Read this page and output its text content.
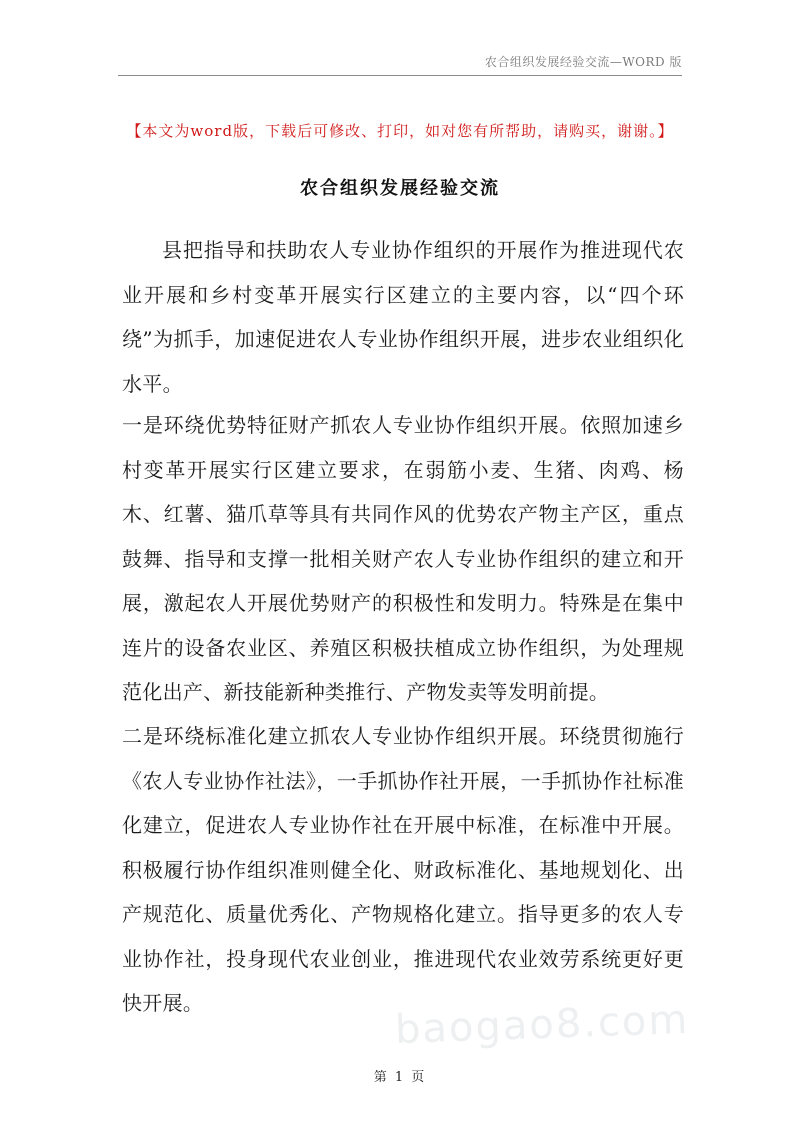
农合组织发展经验交流—WORD 版
【本文为word版，下载后可修改、打印，如对您有所帮助，请购买，谢谢。】
农合组织发展经验交流
县把指导和扶助农人专业协作组织的开展作为推进现代农业开展和乡村变革开展实行区建立的主要内容，以“四个环绕”为抓手，加速促进农人专业协作组织开展，进步农业组织化水平。
一是环绕优势特征财产抓农人专业协作组织开展。依照加速乡村变革开展实行区建立要求，在弱筋小麦、生猪、肉鸡、杨木、红薯、猫爪草等具有共同作风的优势农产物主产区，重点鼓舞、指导和支撑一批相关财产农人专业协作组织的建立和开展，激起农人开展优势财产的积极性和发明力。特殊是在集中连片的设备农业区、养殖区积极扶植成立协作组织，为处理规范化出产、新技能新种类推行、产物发卖等发明前提。
二是环绕标准化建立抓农人专业协作组织开展。环绕贯彻施行《农人专业协作社法》，一手抓协作社开展，一手抓协作社标准化建立，促进农人专业协作社在开展中标准，在标准中开展。积极履行协作组织准则健全化、财政标准化、基地规划化、出产规范化、质量优秀化、产物规格化建立。指导更多的农人专业协作社，投身现代农业创业，推进现代农业效劳系统更好更快开展。	baogao8.com
第 1 页
